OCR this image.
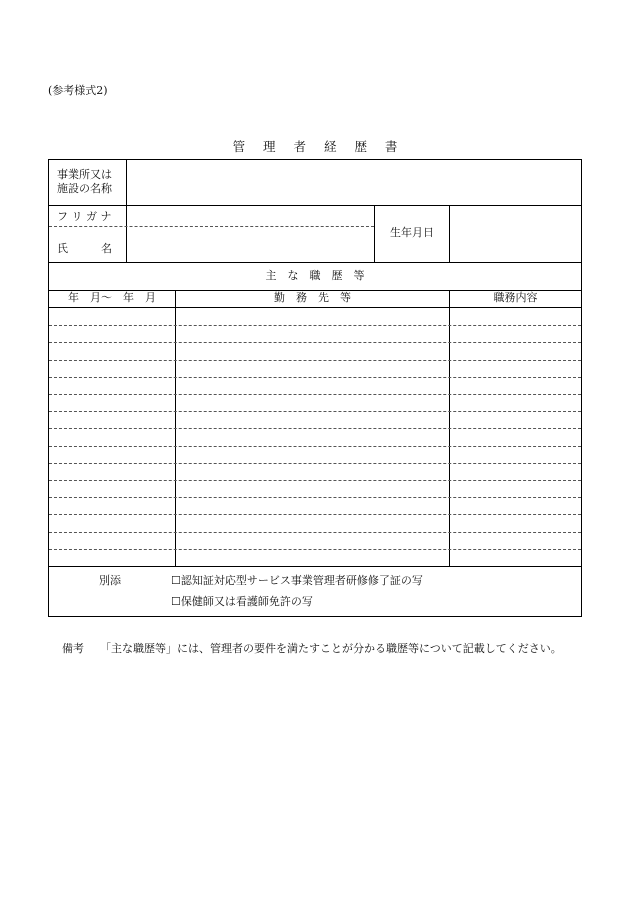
(参考様式2)
管 理 者 経 歴 書
事業所又は
施設の名称
フ リ ガ ナ
氏　　　名
生年月日
主　な　職　歴　等
年　月～　年　月	勤　務　先　等	職務内容
別添	☐認知証対応型サービス事業管理者研修修了証の写
☐保健師又は看護師免許の写
備考 「主な職歴等」には、管理者の要件を満たすことが分かる職歴等について記載してください。
